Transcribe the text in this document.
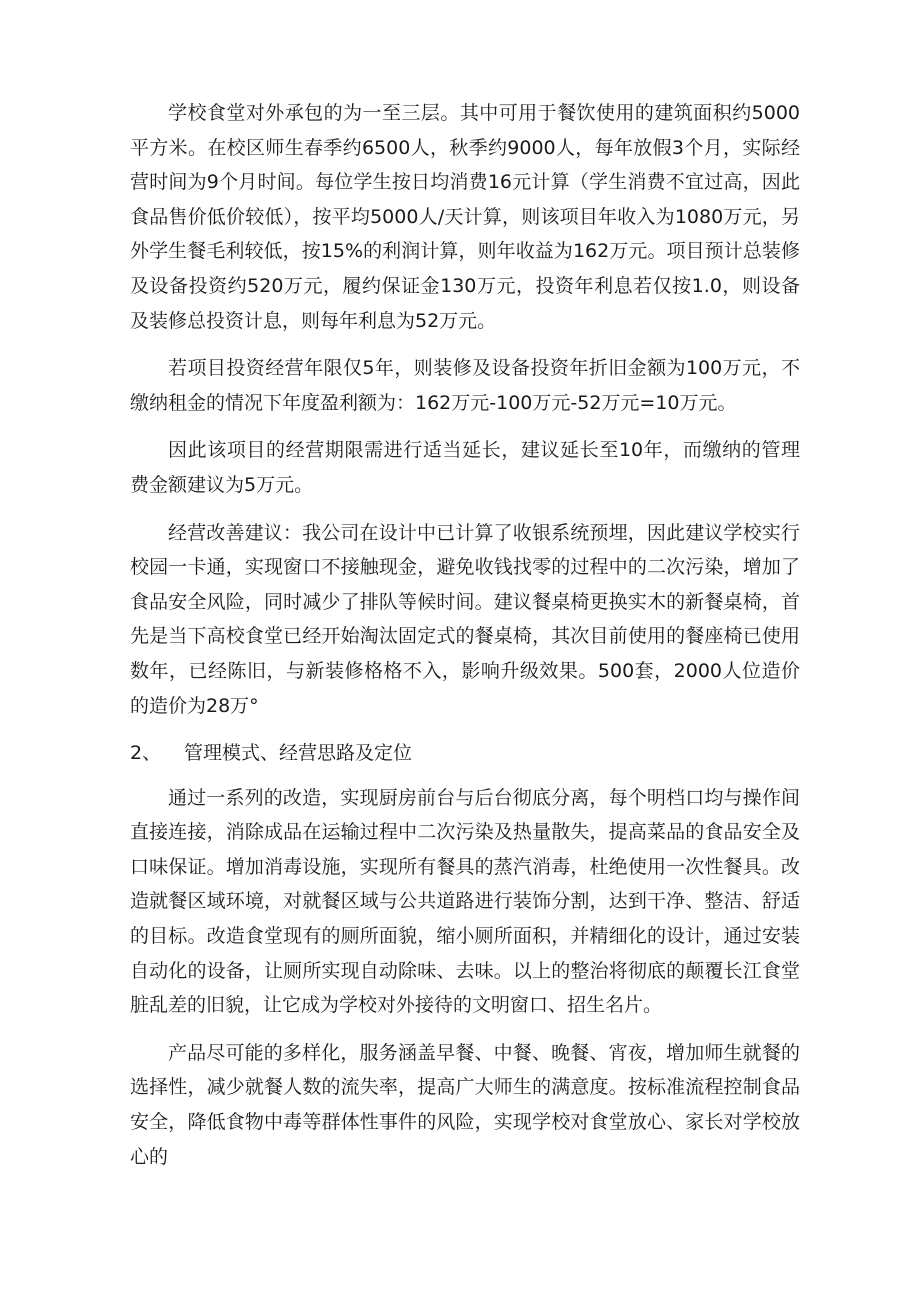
学校食堂对外承包的为一至三层。其中可用于餐饮使用的建筑面积约5000平方米。在校区师生春季约6500人，秋季约9000人，每年放假3个月，实际经营时间为9个月时间。每位学生按日均消费16元计算（学生消费不宜过高，因此食品售价低价较低），按平均5000人/天计算，则该项目年收入为1080万元，另外学生餐毛利较低，按15%的利润计算，则年收益为162万元。项目预计总装修及设备投资约520万元，履约保证金130万元，投资年利息若仅按1.0，则设备及装修总投资计息，则每年利息为52万元。

若项目投资经营年限仅5年，则装修及设备投资年折旧金额为100万元，不缴纳租金的情况下年度盈利额为：162万元-100万元-52万元=10万元。

因此该项目的经营期限需进行适当延长，建议延长至10年，而缴纳的管理费金额建议为5万元。

经营改善建议：我公司在设计中已计算了收银系统预埋，因此建议学校实行校园一卡通，实现窗口不接触现金，避免收钱找零的过程中的二次污染，增加了食品安全风险，同时减少了排队等候时间。建议餐桌椅更换实木的新餐桌椅，首先是当下高校食堂已经开始淘汰固定式的餐桌椅，其次目前使用的餐座椅已使用数年，已经陈旧，与新装修格格不入，影响升级效果。500套，2000人位造价的造价为28万°

2、	管理模式、经营思路及定位

通过一系列的改造，实现厨房前台与后台彻底分离，每个明档口均与操作间直接连接，消除成品在运输过程中二次污染及热量散失，提高菜品的食品安全及口味保证。增加消毒设施，实现所有餐具的蒸汽消毒，杜绝使用一次性餐具。改造就餐区域环境，对就餐区域与公共道路进行装饰分割，达到干净、整洁、舒适的目标。改造食堂现有的厕所面貌，缩小厕所面积，并精细化的设计，通过安装自动化的设备，让厕所实现自动除味、去味。以上的整治将彻底的颠覆长江食堂脏乱差的旧貌，让它成为学校对外接待的文明窗口、招生名片。

产品尽可能的多样化，服务涵盖早餐、中餐、晚餐、宵夜，增加师生就餐的选择性，减少就餐人数的流失率，提高广大师生的满意度。按标准流程控制食品安全，降低食物中毒等群体性事件的风险，实现学校对食堂放心、家长对学校放心的
